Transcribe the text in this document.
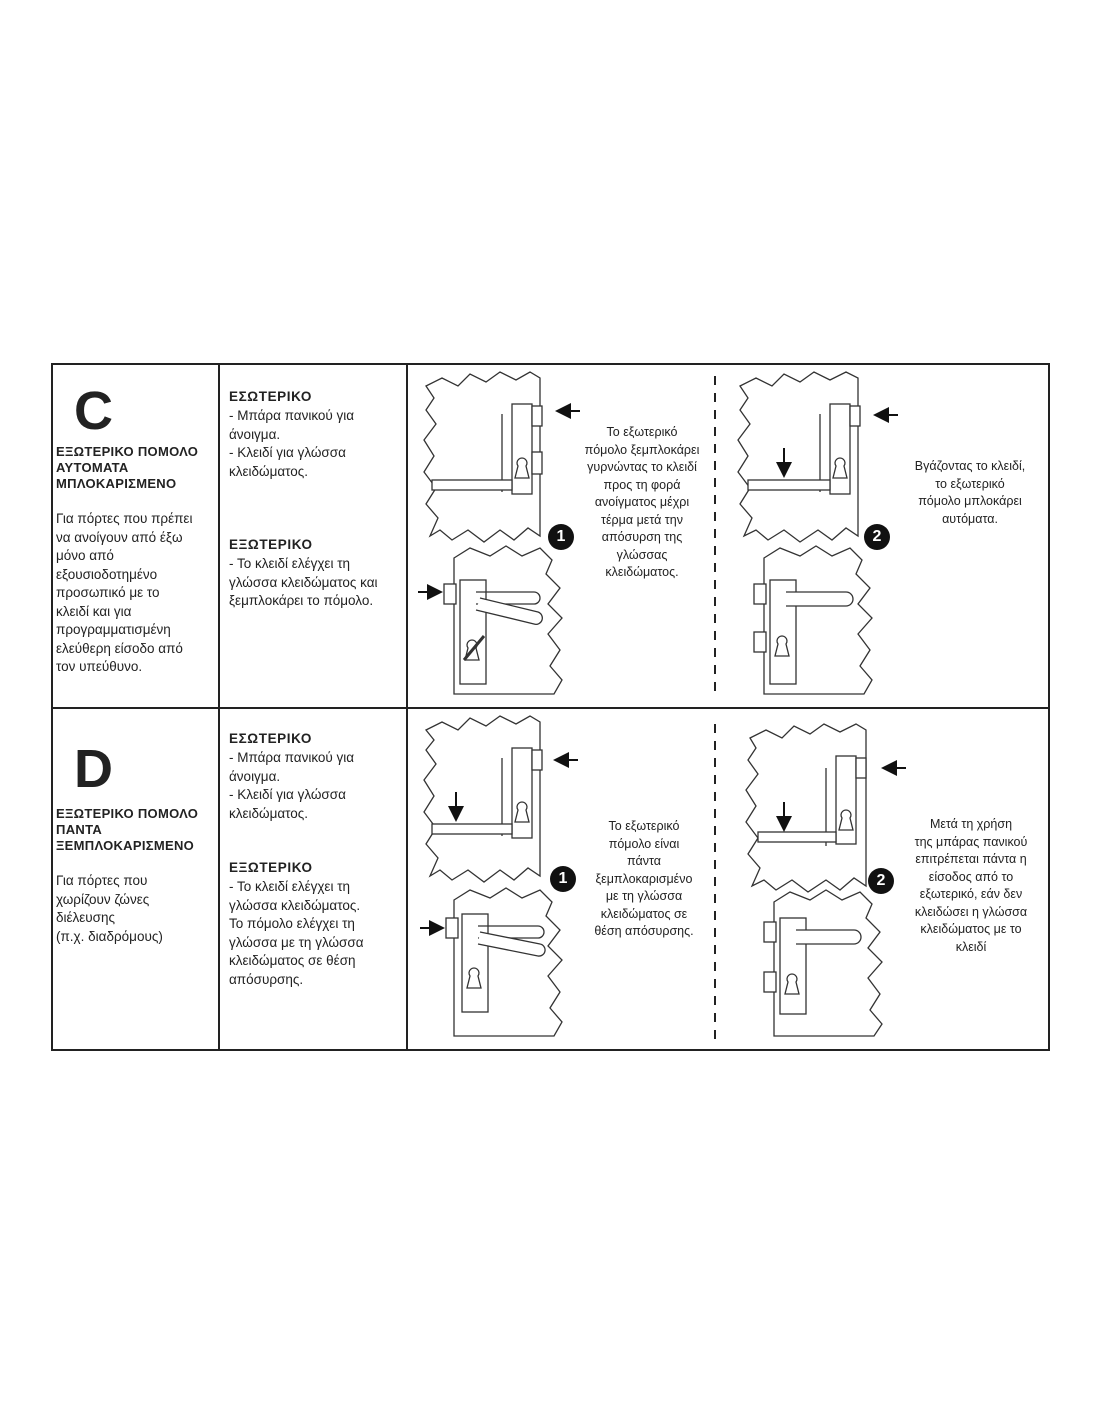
C
ΕΞΩΤΕΡΙΚΟ ΠΟΜΟΛΟ
ΑΥΤΟΜΑΤΑ
ΜΠΛΟΚΑΡΙΣΜΕΝΟ
Για πόρτες που πρέπει
να ανοίγουν από έξω
μόνο από
εξουσιοδοτημένο
προσωπικό με το
κλειδί και για
προγραμματισμένη
ελεύθερη είσοδο από
τον υπεύθυνο.
ΕΣΩΤΕΡΙΚΟ
- Μπάρα πανικού για
άνοιγμα.
- Κλειδί για γλώσσα
κλειδώματος.
ΕΞΩΤΕΡΙΚΟ
- Το κλειδί ελέγχει τη
γλώσσα κλειδώματος και
ξεμπλοκάρει το πόμολο.
1
Το εξωτερικό
πόμολο ξεμπλοκάρει
γυρνώντας το κλειδί
προς τη φορά
ανοίγματος μέχρι
τέρμα μετά την
απόσυρση της
γλώσσας
κλειδώματος.
2
Βγάζοντας το κλειδί,
το εξωτερικό
πόμολο μπλοκάρει
αυτόματα.
D
ΕΞΩΤΕΡΙΚΟ ΠΟΜΟΛΟ
ΠΑΝΤΑ
ΞΕΜΠΛΟΚΑΡΙΣΜΕΝΟ
Για πόρτες που
χωρίζουν ζώνες
διέλευσης
(π.χ. διαδρόμους)
ΕΣΩΤΕΡΙΚΟ
- Μπάρα πανικού για
άνοιγμα.
- Κλειδί για γλώσσα
κλειδώματος.
ΕΞΩΤΕΡΙΚΟ
- Το κλειδί ελέγχει τη
γλώσσα κλειδώματος.
Το πόμολο ελέγχει τη
γλώσσα με τη γλώσσα
κλειδώματος σε θέση
απόσυρσης.
1
Το εξωτερικό
πόμολο είναι
πάντα
ξεμπλοκαρισμένο
με τη γλώσσα
κλειδώματος σε
θέση απόσυρσης.
2
Μετά τη χρήση
της μπάρας πανικού
επιτρέπεται πάντα η
είσοδος από το
εξωτερικό, εάν δεν
κλειδώσει η γλώσσα
κλειδώματος με το
κλειδί
